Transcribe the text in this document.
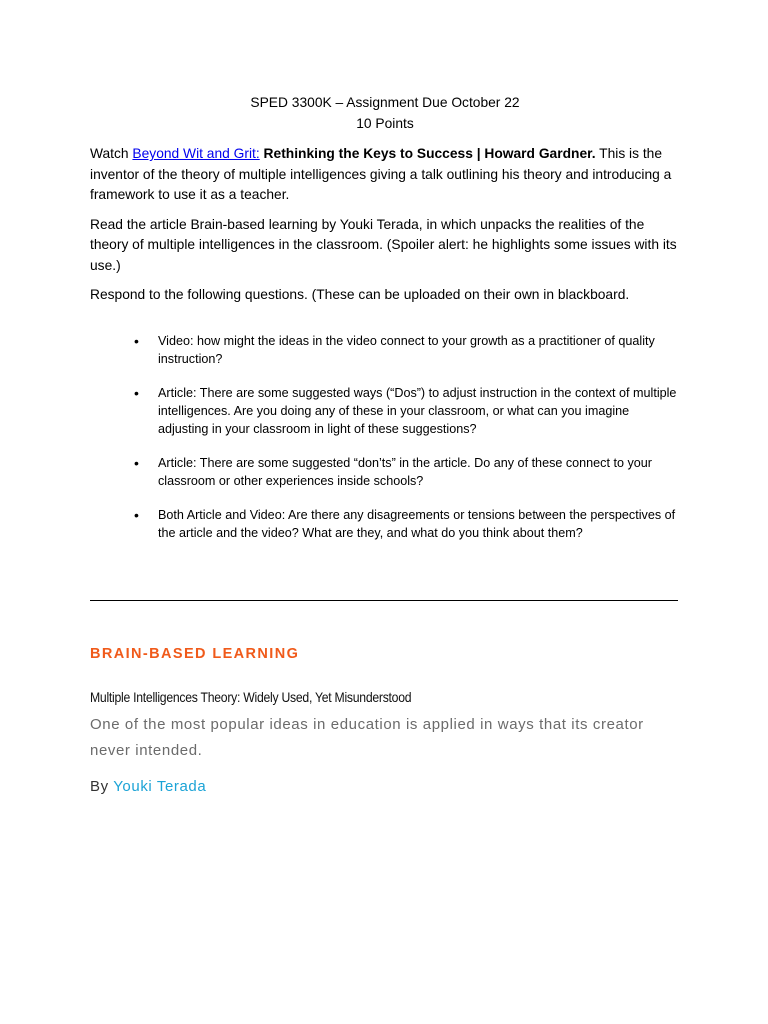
SPED 3300K – Assignment Due October 22

10 Points

Watch Beyond Wit and Grit: Rethinking the Keys to Success | Howard Gardner. This is the inventor of the theory of multiple intelligences giving a talk outlining his theory and introducing a framework to use it as a teacher.

Read the article Brain-based learning by Youki Terada, in which unpacks the realities of the theory of multiple intelligences in the classroom. (Spoiler alert: he highlights some issues with its use.)

Respond to the following questions. (These can be uploaded on their own in blackboard.

• Video: how might the ideas in the video connect to your growth as a practitioner of quality instruction?
• Article: There are some suggested ways (“Dos”) to adjust instruction in the context of multiple intelligences. Are you doing any of these in your classroom, or what can you imagine adjusting in your classroom in light of these suggestions?
• Article: There are some suggested “don’ts” in the article. Do any of these connect to your classroom or other experiences inside schools?
• Both Article and Video: Are there any disagreements or tensions between the perspectives of the article and the video? What are they, and what do you think about them?

BRAIN-BASED LEARNING

Multiple Intelligences Theory: Widely Used, Yet Misunderstood

One of the most popular ideas in education is applied in ways that its creator never intended.

By Youki Terada
